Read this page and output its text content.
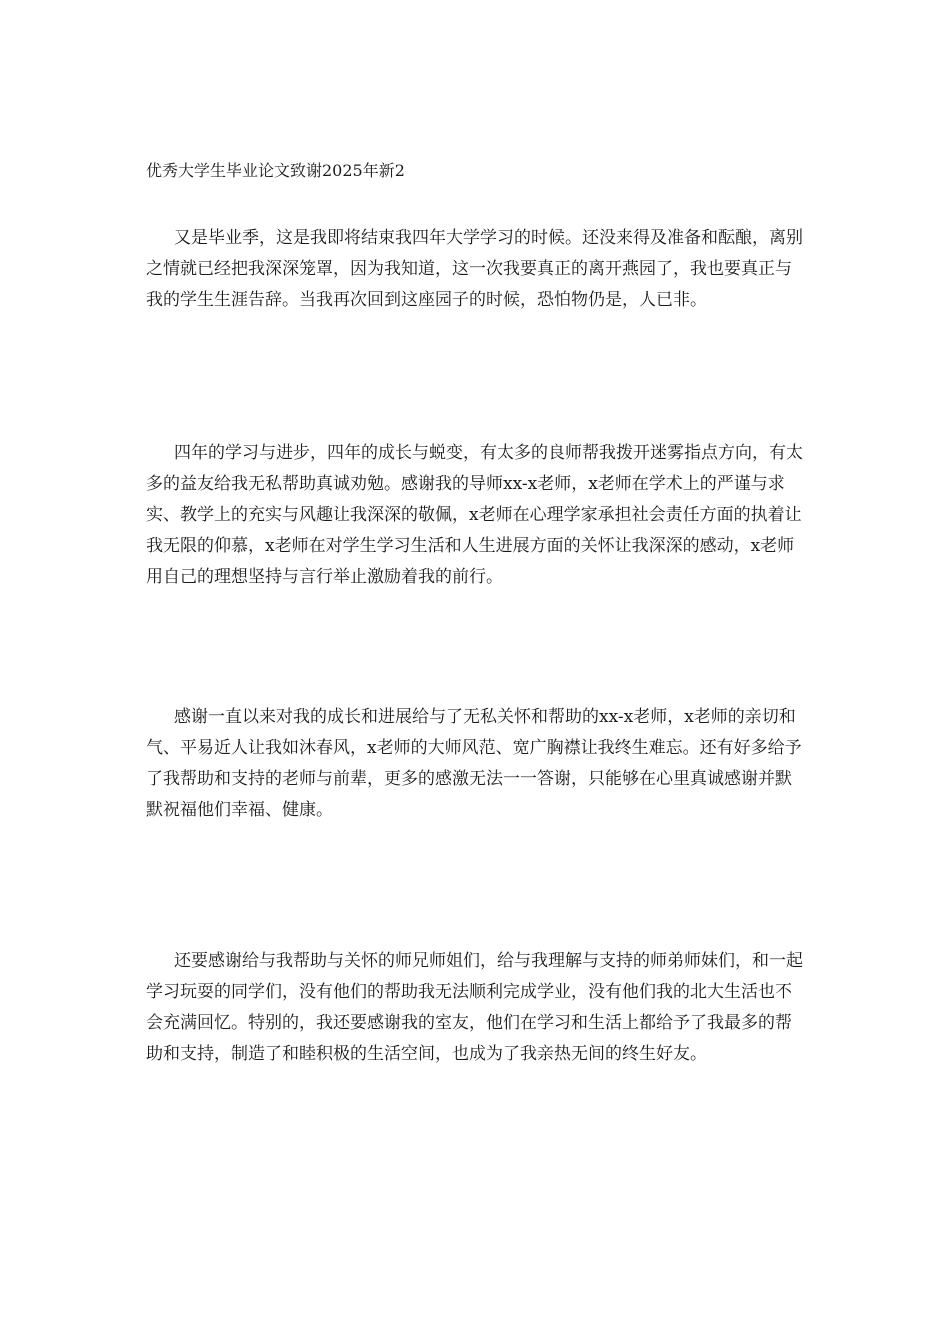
优秀大学生毕业论文致谢2025年新2

又是毕业季，这是我即将结束我四年大学学习的时候。还没来得及准备和酝酿，离别之情就已经把我深深笼罩，因为我知道，这一次我要真正的离开燕园了，我也要真正与我的学生生涯告辞。当我再次回到这座园子的时候，恐怕物仍是，人已非。

四年的学习与进步，四年的成长与蜕变，有太多的良师帮我拨开迷雾指点方向，有太多的益友给我无私帮助真诚劝勉。感谢我的导师xx-x老师，x老师在学术上的严谨与求实、教学上的充实与风趣让我深深的敬佩，x老师在心理学家承担社会责任方面的执着让我无限的仰慕，x老师在对学生学习生活和人生进展方面的关怀让我深深的感动，x老师用自己的理想坚持与言行举止激励着我的前行。

感谢一直以来对我的成长和进展给与了无私关怀和帮助的xx-x老师，x老师的亲切和气、平易近人让我如沐春风，x老师的大师风范、宽广胸襟让我终生难忘。还有好多给予了我帮助和支持的老师与前辈，更多的感激无法一一答谢，只能够在心里真诚感谢并默默祝福他们幸福、健康。

还要感谢给与我帮助与关怀的师兄师姐们，给与我理解与支持的师弟师妹们，和一起学习玩耍的同学们，没有他们的帮助我无法顺利完成学业，没有他们我的北大生活也不会充满回忆。特别的，我还要感谢我的室友，他们在学习和生活上都给予了我最多的帮助和支持，制造了和睦积极的生活空间，也成为了我亲热无间的终生好友。
